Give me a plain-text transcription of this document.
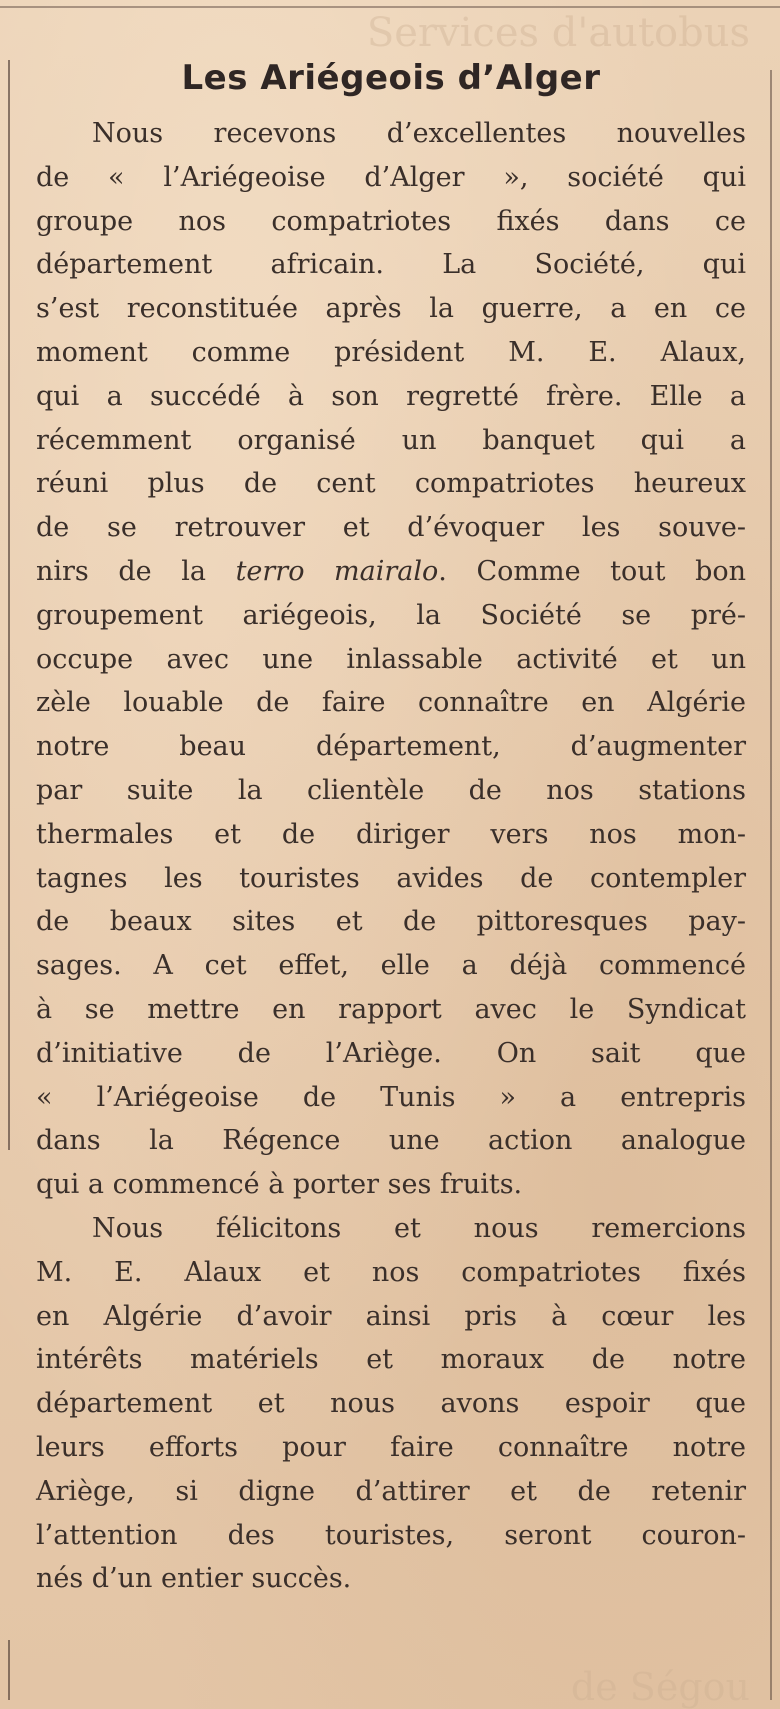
Services d'autobus
de Ségou
Les Ariégeois d’Alger
Nous recevons d’excellentes nouvelles
de « l’Ariégeoise d’Alger », société qui
groupe nos compatriotes fixés dans ce
département africain. La Société, qui
s’est reconstituée après la guerre, a en ce
moment comme président M. E. Alaux,
qui a succédé à son regretté frère. Elle a
récemment organisé un banquet qui a
réuni plus de cent compatriotes heureux
de se retrouver et d’évoquer les souve-
nirs de la terro mairalo. Comme tout bon
groupement ariégeois, la Société se pré-
occupe avec une inlassable activité et un
zèle louable de faire connaître en Algérie
notre beau département, d’augmenter
par suite la clientèle de nos stations
thermales et de diriger vers nos mon-
tagnes les touristes avides de contempler
de beaux sites et de pittoresques pay-
sages. A cet effet, elle a déjà commencé
à se mettre en rapport avec le Syndicat
d’initiative de l’Ariège. On sait que
« l’Ariégeoise de Tunis » a entrepris
dans la Régence une action analogue
qui a commencé à porter ses fruits.
Nous félicitons et nous remercions
M. E. Alaux et nos compatriotes fixés
en Algérie d’avoir ainsi pris à cœur les
intérêts matériels et moraux de notre
département et nous avons espoir que
leurs efforts pour faire connaître notre
Ariège, si digne d’attirer et de retenir
l’attention des touristes, seront couron-
nés d’un entier succès.
